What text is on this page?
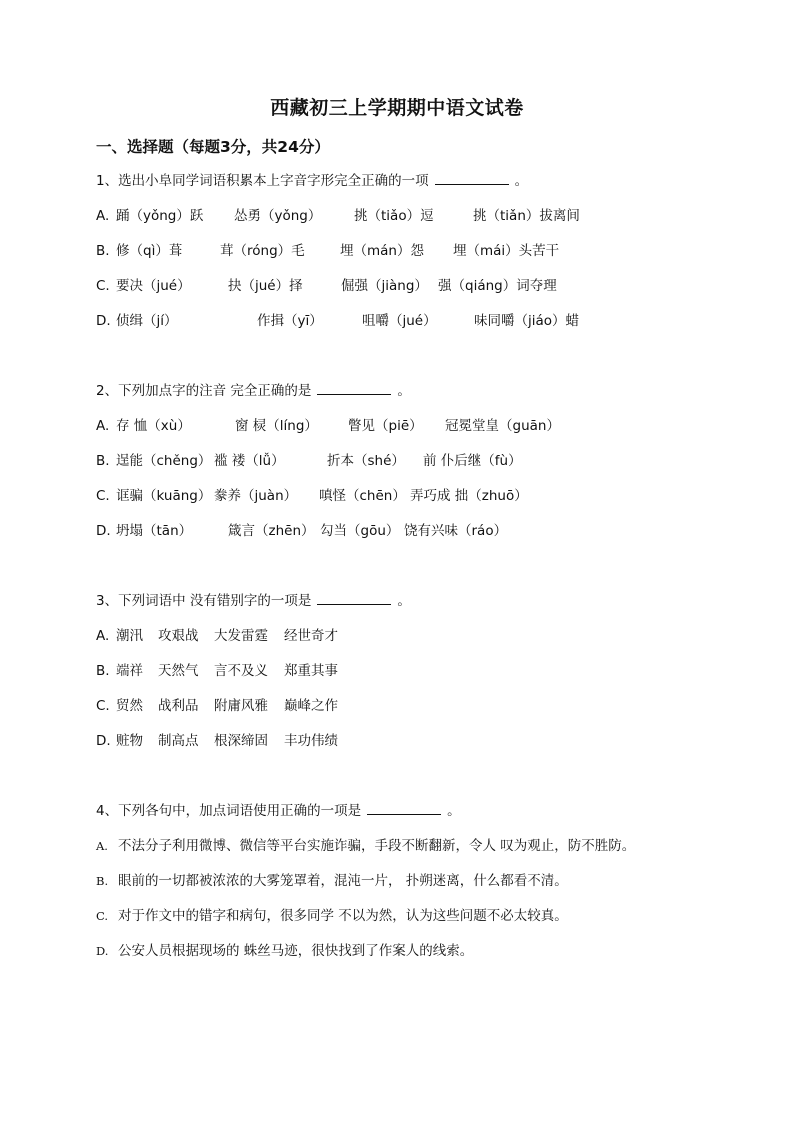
西藏初三上学期期中语文试卷
一、选择题（每题3分，共24分）
1、选出小阜同学词语积累本上字音字形完全正确的一项	。
A. 踊（yǒng）跃 怂勇（yǒng） 挑（tiǎo）逗	挑（tiǎn）拔离间
B. 修（qì）葺	茸（róng）毛	埋（mán）怨 埋（mái）头苦干
C. 要决（jué）	抉（jué）择	倔强（jiàng） 强（qiáng）词夺理
D. 侦缉（jí）	作揖（yī）	咀嚼（jué）	味同嚼（jiáo）蜡
2、下列加点字的注音 完全正确的是	。
A. 存 恤（xù）	窗 棂（líng） 瞥见（piē） 冠冕堂皇（guān）
B. 逞能（chěng） 褴 褛（lǚ）	折本（shé） 前 仆后继（fù）
C. 诓骗（kuāng） 豢养（juàn） 嗔怪（chēn） 弄巧成 拙（zhuō）
D. 坍塌（tān）	箴言（zhēn） 勾当（gōu） 饶有兴味（ráo）
3、下列词语中 没有错别字的一项是	。
A. 潮汛 攻艰战 大发雷霆 经世奇才
B. 端祥 天然气 言不及义 郑重其事
C. 贸然 战利品 附庸风雅 巅峰之作
D. 赃物 制高点 根深缔固 丰功伟绩
4、下列各句中，加点词语使用正确的一项是	。
A. 不法分子利用微博、微信等平台实施诈骗，手段不断翻新，令人 叹为观止，防不胜防。
B. 眼前的一切都被浓浓的大雾笼罩着，混沌一片， 扑朔迷离，什么都看不清。
C. 对于作文中的错字和病句，很多同学 不以为然，认为这些问题不必太较真。
D. 公安人员根据现场的 蛛丝马迹，很快找到了作案人的线索。
